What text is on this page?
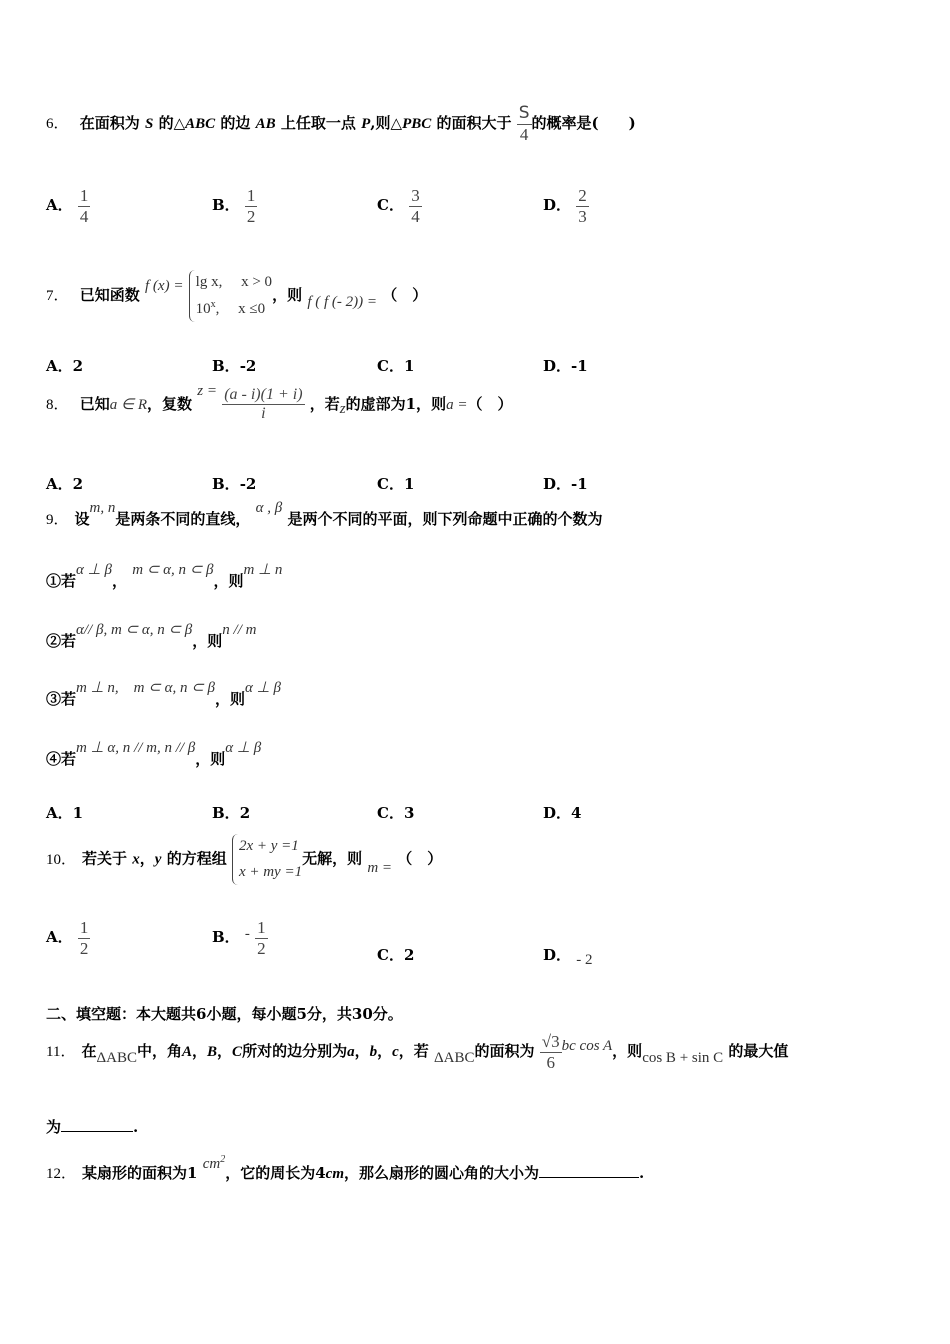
6． 在面积为 S 的△ABC 的边 AB 上任取一点 P,则△PBC 的面积大于 $\frac{S}{4}$ 的概率是(　　)
A． $\frac{1}{4}$	B． $\frac{1}{2}$	C． $\frac{3}{4}$	D． $\frac{2}{3}$
7． 已知函数 f (x) = lg x,　 x > 0
10$^x$,　 x ≤0
，则 f ( f (- 2)) = （　）
A．2	B．-2	C．1	D．-1
8． 已知a ∈ R，复数 $z = \frac{(a - i)(1 + i)}{i}$ ，若z的虚部为1，则a =（　）
A．2	B．-2	C．1	D．-1
9． 设m, n是两条不同的直线， α , β 是两个不同的平面，则下列命题中正确的个数为
①若α ⊥ β， m ⊂ α, n ⊂ β，则m ⊥ n
②若α// β, m ⊂ α, n ⊂ β，则n // m
③若m ⊥ n,　m ⊂ α, n ⊂ β，则α ⊥ β
④若m ⊥ α, n // m, n // β，则α ⊥ β
A．1	B．2	C．3	D．4
10． 若关于 x，y 的方程组
2x + y =1
x + my =1
无解，则 m = （　）
A． $\frac{1}{2}$	B． - $\frac{1}{2}$	C．2	D． - 2
二、填空题：本大题共6小题，每小题5分，共30分。
11． 在ΔABC中，角A，B，C所对的边分别为a，b，c，若 ΔABC的面积为 $\frac{√3}{6}$ bc cos A，则cos B + sin C 的最大值
为	.
12． 某扇形的面积为1 $cm^2$，它的周长为4cm，那么扇形的圆心角的大小为	.
